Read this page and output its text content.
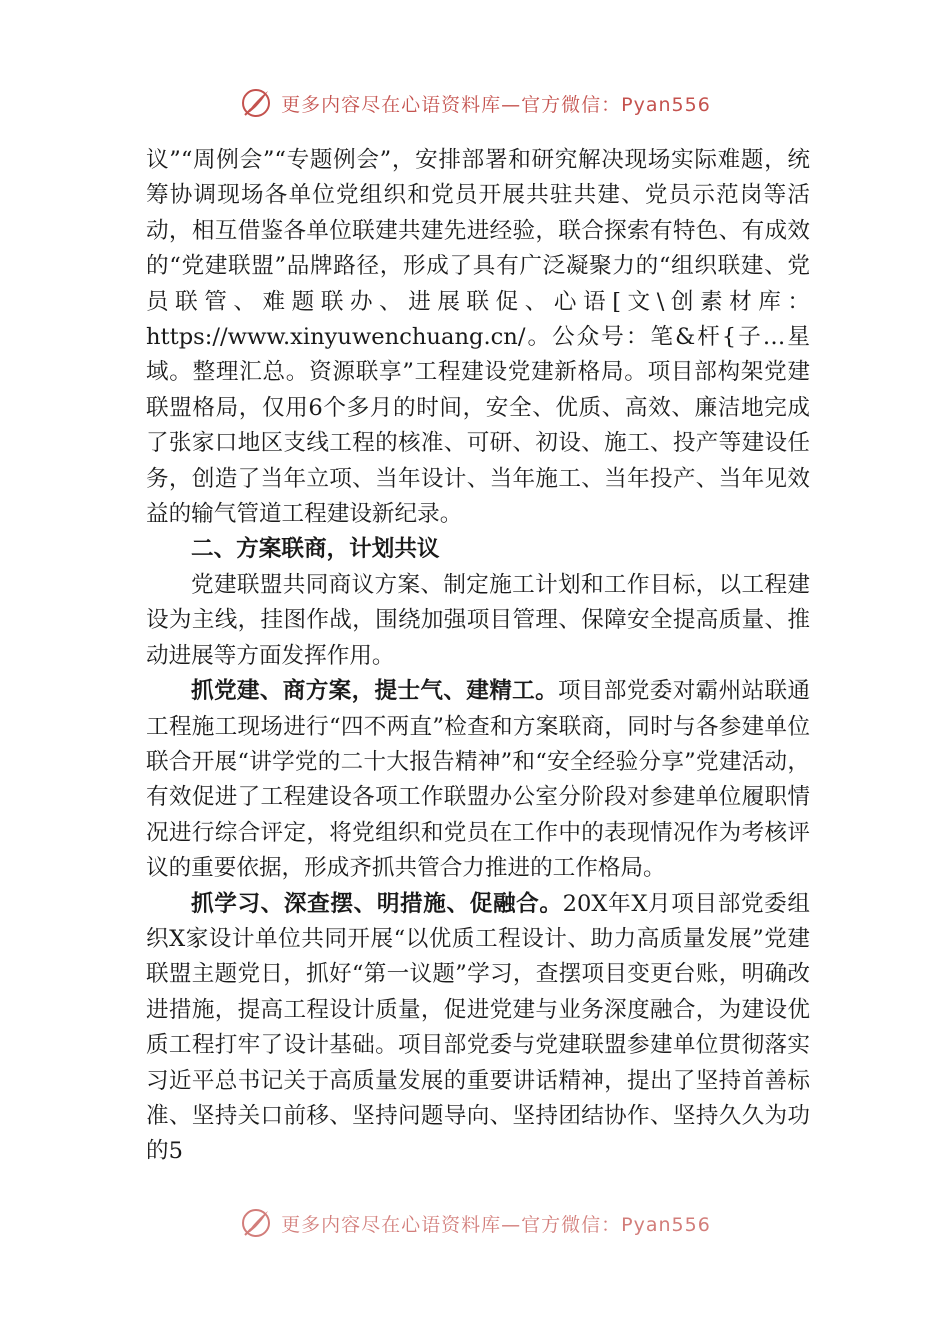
更多内容尽在心语资料库—官方微信：Pyan556

议”“周例会”“专题例会”，安排部署和研究解决现场实际难题，统筹协调现场各单位党组织和党员开展共驻共建、党员示范岗等活动，相互借鉴各单位联建共建先进经验，联合探索有特色、有成效的“党建联盟”品牌路径，形成了具有广泛凝聚力的“组织联建、党员联管、难题联办、进展联促、心语[文\创素材库：https://www.xinyuwenchuang.cn/。公众号：笔&杆{子…星域。整理汇总。资源联享”工程建设党建新格局。项目部构架党建联盟格局，仅用6个多月的时间，安全、优质、高效、廉洁地完成了张家口地区支线工程的核准、可研、初设、施工、投产等建设任务，创造了当年立项、当年设计、当年施工、当年投产、当年见效益的输气管道工程建设新纪录。

二、方案联商，计划共议

党建联盟共同商议方案、制定施工计划和工作目标，以工程建设为主线，挂图作战，围绕加强项目管理、保障安全提高质量、推动进展等方面发挥作用。

抓党建、商方案，提士气、建精工。项目部党委对霸州站联通工程施工现场进行“四不两直”检查和方案联商，同时与各参建单位联合开展“讲学党的二十大报告精神”和“安全经验分享”党建活动，有效促进了工程建设各项工作联盟办公室分阶段对参建单位履职情况进行综合评定，将党组织和党员在工作中的表现情况作为考核评议的重要依据，形成齐抓共管合力推进的工作格局。

抓学习、深查摆、明措施、促融合。20X年X月项目部党委组织X家设计单位共同开展“以优质工程设计、助力高质量发展”党建联盟主题党日，抓好“第一议题”学习，查摆项目变更台账，明确改进措施，提高工程设计质量，促进党建与业务深度融合，为建设优质工程打牢了设计基础。项目部党委与党建联盟参建单位贯彻落实习近平总书记关于高质量发展的重要讲话精神，提出了坚持首善标准、坚持关口前移、坚持问题导向、坚持团结协作、坚持久久为功的5

更多内容尽在心语资料库—官方微信：Pyan556
